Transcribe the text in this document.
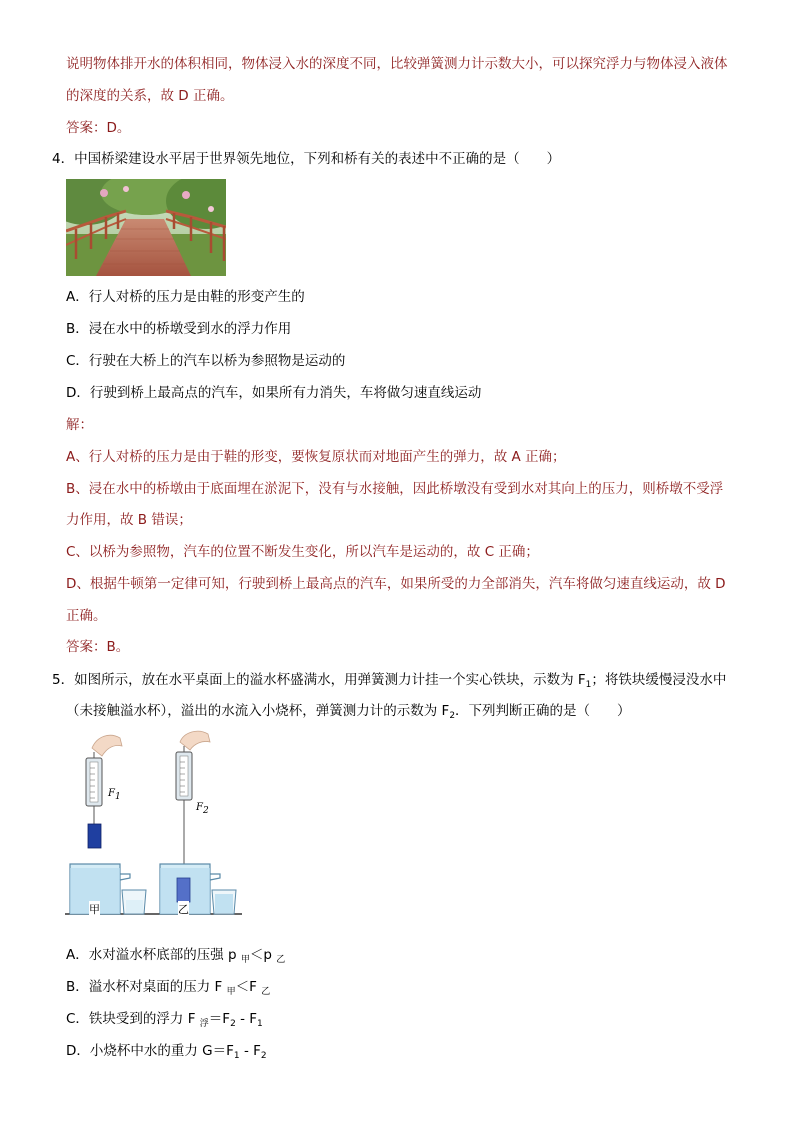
说明物体排开水的体积相同，物体浸入水的深度不同，比较弹簧测力计示数大小，可以探究浮力与物体浸入液体
的深度的关系，故 D 正确。
答案：D。
4．中国桥梁建设水平居于世界领先地位，下列和桥有关的表述中不正确的是（　　）
A．行人对桥的压力是由鞋的形变产生的
B．浸在水中的桥墩受到水的浮力作用
C．行驶在大桥上的汽车以桥为参照物是运动的
D．行驶到桥上最高点的汽车，如果所有力消失，车将做匀速直线运动
解：
A、行人对桥的压力是由于鞋的形变，要恢复原状而对地面产生的弹力，故 A 正确；
B、浸在水中的桥墩由于底面埋在淤泥下，没有与水接触，因此桥墩没有受到水对其向上的压力，则桥墩不受浮
力作用，故 B 错误；
C、以桥为参照物，汽车的位置不断发生变化，所以汽车是运动的，故 C 正确；
D、根据牛顿第一定律可知，行驶到桥上最高点的汽车，如果所受的力全部消失，汽车将做匀速直线运动，故 D
正确。
答案：B。
5．如图所示，放在水平桌面上的溢水杯盛满水，用弹簧测力计挂一个实心铁块，示数为 $F_1$；将铁块缓慢浸没水中
（未接触溢水杯），溢出的水流入小烧杯，弹簧测力计的示数为 $F_2$．下列判断正确的是（　　）
$F_1$
$F_2$
甲	乙
A．水对溢水杯底部的压强 p $_甲$＜p $_乙$
B．溢水杯对桌面的压力 F $_甲$＜F $_乙$
C．铁块受到的浮力 F $_浮=F_2 - F_1$
D．小烧杯中水的重力 $G=F_1 - F_2$
